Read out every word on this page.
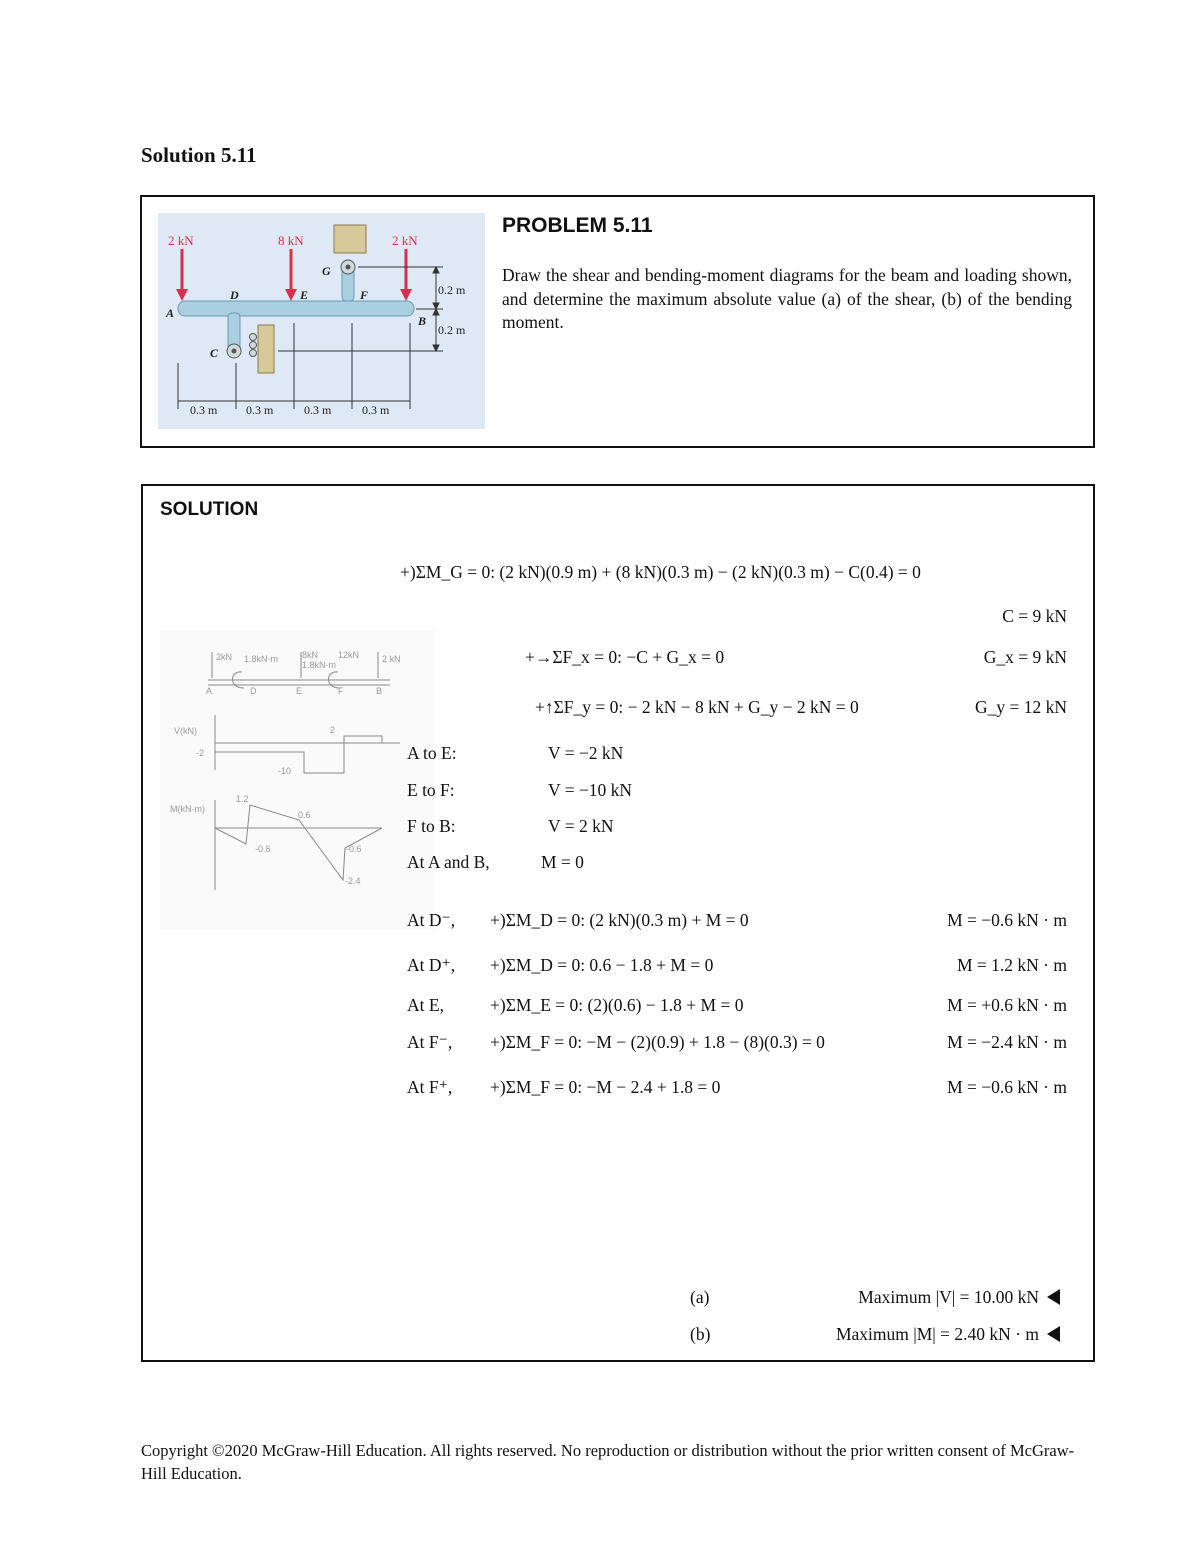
Solution 5.11
2 kN	8 kN	2 kN
A
D	E	F
G
B
C
0.2 m
0.2 m
0.3 m 0.3 m	0.3 m	0.3 m
PROBLEM 5.11
Draw the shear and bending-moment diagrams for the beam and loading shown, and determine the maximum absolute value (a) of the shear, (b) of the bending moment.
SOLUTION
2kN 1.8kN·m	8kN
1.8kN·m
12kN	2 kN
V(kN)
M(kN·m)
-2
-10
2
1.2
-0.6
0.6
-0.6
-2.4
A	D	E	F	B
+)ΣM_G = 0: (2 kN)(0.9 m) + (8 kN)(0.3 m) − (2 kN)(0.3 m) − C(0.4) = 0
C = 9 kN
+→ΣF_x = 0: −C + G_x = 0	G_x = 9 kN
+↑ΣF_y = 0: − 2 kN − 8 kN + G_y − 2 kN = 0	G_y = 12 kN
A to E:	V = −2 kN
E to F:	V = −10 kN
F to B:	V = 2 kN
At A and B,	M = 0
At D⁻, +)ΣM_D = 0: (2 kN)(0.3 m) + M = 0	M = −0.6 kN · m
At D⁺, +)ΣM_D = 0: 0.6 − 1.8 + M = 0	M = 1.2 kN · m
At E,	+)ΣM_E = 0: (2)(0.6) − 1.8 + M = 0	M = +0.6 kN · m
At F⁻, +)ΣM_F = 0: −M − (2)(0.9) + 1.8 − (8)(0.3) = 0	M = −2.4 kN · m
At F⁺, +)ΣM_F = 0: −M − 2.4 + 1.8 = 0	M = −0.6 kN · m
(a)	Maximum |V| = 10.00 kN
(b)	Maximum |M| = 2.40 kN · m
Copyright ©2020 McGraw-Hill Education. All rights reserved. No reproduction or distribution without the prior written consent of McGraw-Hill Education.
